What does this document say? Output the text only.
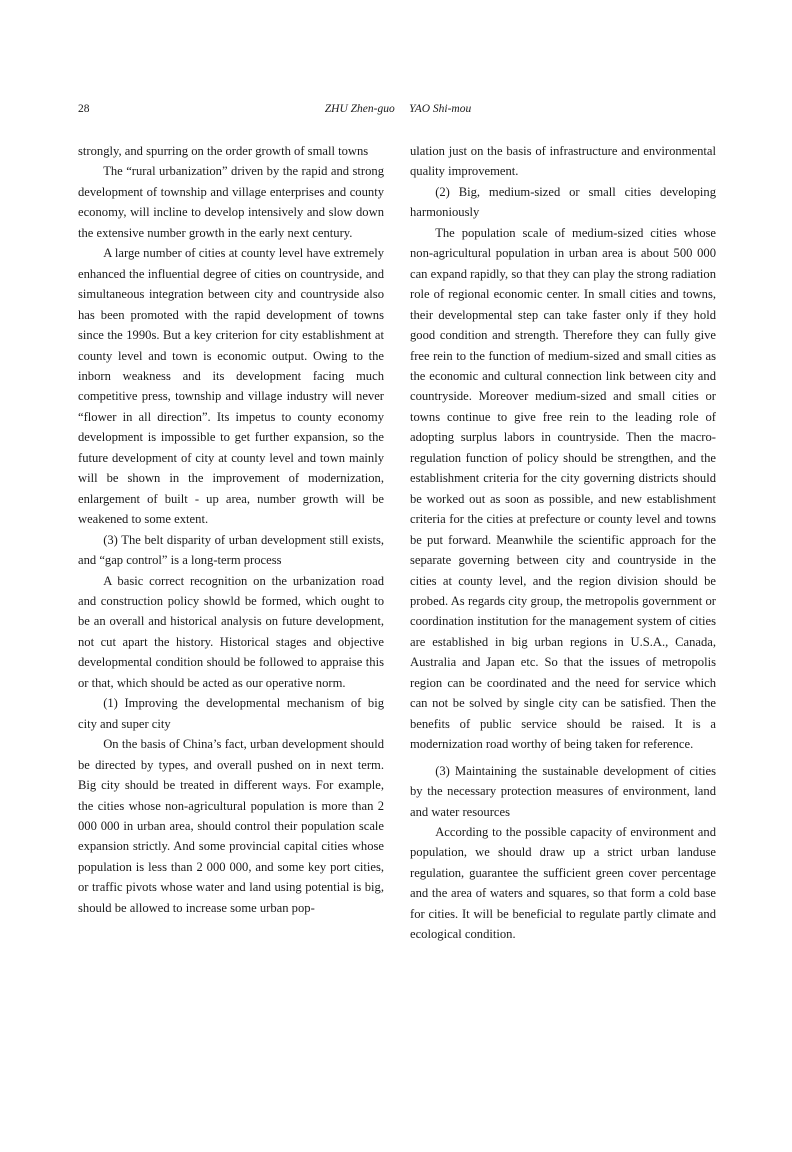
28	ZHU Zhen-guo     YAO Shi-mou

strongly, and spurring on the order growth of small towns

The “rural urbanization” driven by the rapid and strong development of township and village enterprises and county economy, will incline to develop intensively and slow down the extensive number growth in the early next century.

A large number of cities at county level have extremely enhanced the influential degree of cities on countryside, and simultaneous integration between city and countryside also has been promoted with the rapid development of towns since the 1990s. But a key criterion for city establishment at county level and town is economic output. Owing to the inborn weakness and its development facing much competitive press, township and village industry will never “flower in all direction”. Its impetus to county economy development is impossible to get further expansion, so the future development of city at county level and town mainly will be shown in the improvement of modernization, enlargement of built - up area, number growth will be weakened to some extent.

(3) The belt disparity of urban development still exists, and “gap control” is a long-term process

A basic correct recognition on the urbanization road and construction policy showld be formed, which ought to be an overall and historical analysis on future development, not cut apart the history. Historical stages and objective developmental condition should be followed to appraise this or that, which should be acted as our operative norm.

(1) Improving the developmental mechanism of big city and super city

On the basis of China’s fact, urban development should be directed by types, and overall pushed on in next term. Big city should be treated in different ways. For example, the cities whose non-agricultural population is more than 2 000 000 in urban area, should control their population scale expansion strictly. And some provincial capital cities whose population is less than 2 000 000, and some key port cities, or traffic pivots whose water and land using potential is big, should be allowed to increase some urban pop-

ulation just on the basis of infrastructure and environmental quality improvement.

(2) Big, medium-sized or small cities developing harmoniously

The population scale of medium-sized cities whose non-agricultural population in urban area is about 500 000 can expand rapidly, so that they can play the strong radiation role of regional economic center. In small cities and towns, their developmental step can take faster only if they hold good condition and strength. Therefore they can fully give free rein to the function of medium-sized and small cities as the economic and cultural connection link between city and countryside. Moreover medium-sized and small cities or towns continue to give free rein to the leading role of adopting surplus labors in countryside. Then the macro-regulation function of policy should be strengthen, and the establishment criteria for the city governing districts should be worked out as soon as possible, and new establishment criteria for the cities at prefecture or county level and towns be put forward. Meanwhile the scientific approach for the separate governing between city and countryside in the cities at county level, and the region division should be probed. As regards city group, the metropolis government or coordination institution for the management system of cities are established in big urban regions in U.S.A., Canada, Australia and Japan etc. So that the issues of metropolis region can be coordinated and the need for service which can not be solved by single city can be satisfied. Then the benefits of public service should be raised. It is a modernization road worthy of being taken for reference.

(3) Maintaining the sustainable development of cities by the necessary protection measures of environment, land and water resources

According to the possible capacity of environment and population, we should draw up a strict urban landuse regulation, guarantee the sufficient green cover percentage and the area of waters and squares, so that form a cold base for cities. It will be beneficial to regulate partly climate and ecological condition.
